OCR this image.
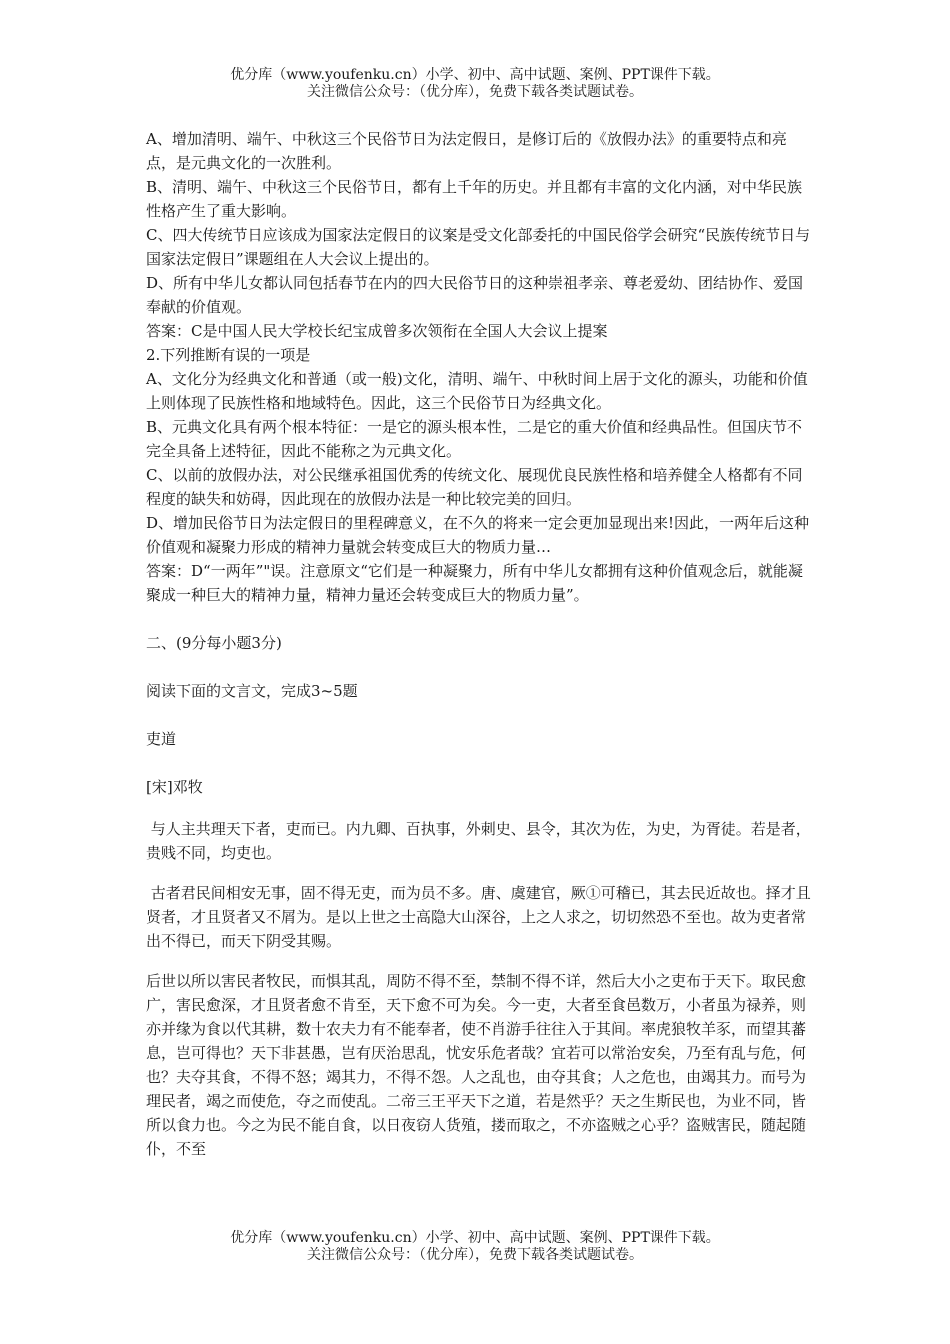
优分库（www.youfenku.cn）小学、初中、高中试题、案例、PPT课件下载。
关注微信公众号：（优分库），免费下载各类试题试卷。

A、增加清明、端午、中秋这三个民俗节日为法定假日，是修订后的《放假办法》的重要特点和亮点，是元典文化的一次胜利。

B、清明、端午、中秋这三个民俗节日，都有上千年的历史。并且都有丰富的文化内涵，对中华民族性格产生了重大影响。

C、四大传统节日应该成为国家法定假日的议案是受文化部委托的中国民俗学会研究“民族传统节日与国家法定假日”课题组在人大会议上提出的。

D、所有中华儿女都认同包括春节在内的四大民俗节日的这种崇祖孝亲、尊老爱幼、团结协作、爱国奉献的价值观。

答案：C是中国人民大学校长纪宝成曾多次领衔在全国人大会议上提案

2.下列推断有误的一项是

A、文化分为经典文化和普通（或一般)文化，清明、端午、中秋时间上居于文化的源头，功能和价值上则体现了民族性格和地域特色。因此，这三个民俗节日为经典文化。

B、元典文化具有两个根本特征：一是它的源头根本性，二是它的重大价值和经典品性。但国庆节不完全具备上述特征，因此不能称之为元典文化。

C、以前的放假办法，对公民继承祖国优秀的传统文化、展现优良民族性格和培养健全人格都有不同程度的缺失和妨碍，因此现在的放假办法是一种比较完美的回归。

D、增加民俗节日为法定假日的里程碑意义，在不久的将来一定会更加显现出来!因此，一两年后这种价值观和凝聚力形成的精神力量就会转变成巨大的物质力量…

答案：D“一两年”"误。注意原文“它们是一种凝聚力，所有中华儿女都拥有这种价值观念后，就能凝聚成一种巨大的精神力量，精神力量还会转变成巨大的物质力量”。

二、(9分每小题3分)

阅读下面的文言文，完成3~5题

吏道

[宋]邓牧

与人主共理天下者，吏而已。内九卿、百执事，外刺史、县令，其次为佐，为史，为胥徒。若是者，贵贱不同，均吏也。

古者君民间相安无事，固不得无吏，而为员不多。唐、虞建官，厥①可稽已，其去民近故也。择才且贤者，才且贤者又不屑为。是以上世之士高隐大山深谷，上之人求之，切切然恐不至也。故为吏者常出不得已，而天下阴受其赐。

后世以所以害民者牧民，而惧其乱，周防不得不至，禁制不得不详，然后大小之吏布于天下。取民愈广，害民愈深，才且贤者愈不肯至，天下愈不可为矣。今一吏，大者至食邑数万，小者虽为禄养，则亦并缘为食以代其耕，数十农夫力有不能奉者，使不肖游手往往入于其间。率虎狼牧羊豕，而望其蕃息，岂可得也？天下非甚愚，岂有厌治思乱，忧安乐危者哉？宜若可以常治安矣，乃至有乱与危，何也？夫夺其食，不得不怒；竭其力，不得不怨。人之乱也，由夺其食；人之危也，由竭其力。而号为理民者，竭之而使危，夺之而使乱。二帝三王平天下之道，若是然乎？天之生斯民也，为业不同，皆所以食力也。今之为民不能自食，以日夜窃人货殖，搂而取之，不亦盗贼之心乎？盗贼害民，随起随仆，不至

优分库（www.youfenku.cn）小学、初中、高中试题、案例、PPT课件下载。
关注微信公众号：（优分库），免费下载各类试题试卷。
